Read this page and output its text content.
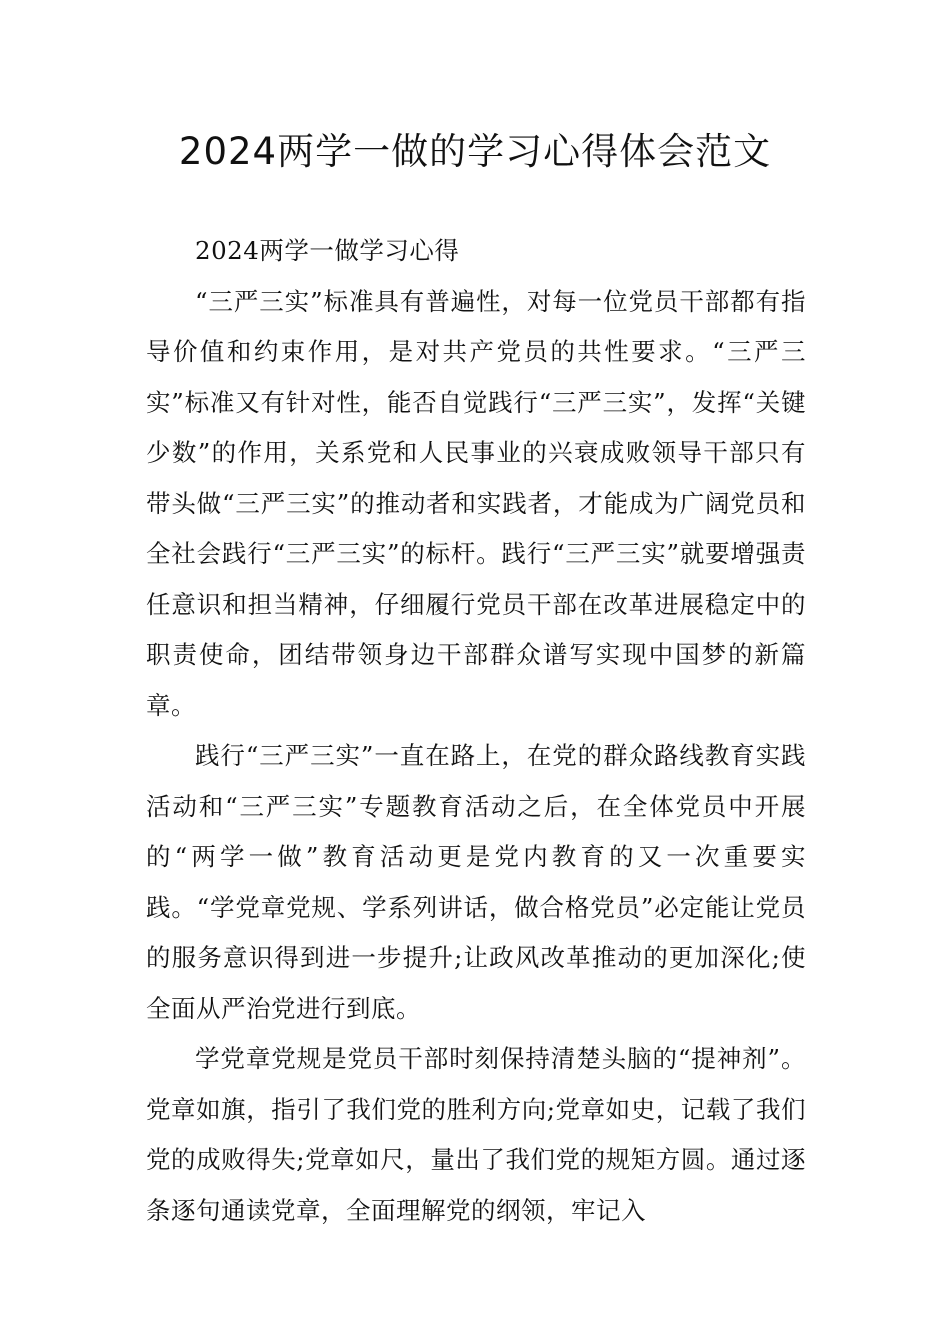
2024两学一做的学习心得体会范文

2024两学一做学习心得

“三严三实”标准具有普遍性，对每一位党员干部都有指导价值和约束作用，是对共产党员的共性要求。“三严三实”标准又有针对性，能否自觉践行“三严三实”，发挥“关键少数”的作用，关系党和人民事业的兴衰成败领导干部只有带头做“三严三实”的推动者和实践者，才能成为广阔党员和全社会践行“三严三实”的标杆。践行“三严三实”就要增强责任意识和担当精神，仔细履行党员干部在改革进展稳定中的职责使命，团结带领身边干部群众谱写实现中国梦的新篇章。

践行“三严三实”一直在路上，在党的群众路线教育实践活动和“三严三实”专题教育活动之后，在全体党员中开展的“两学一做”教育活动更是党内教育的又一次重要实践。“学党章党规、学系列讲话，做合格党员”必定能让党员的服务意识得到进一步提升;让政风改革推动的更加深化;使全面从严治党进行到底。

学党章党规是党员干部时刻保持清楚头脑的“提神剂”。党章如旗，指引了我们党的胜利方向;党章如史，记载了我们党的成败得失;党章如尺，量出了我们党的规矩方圆。通过逐条逐句通读党章，全面理解党的纲领，牢记入
